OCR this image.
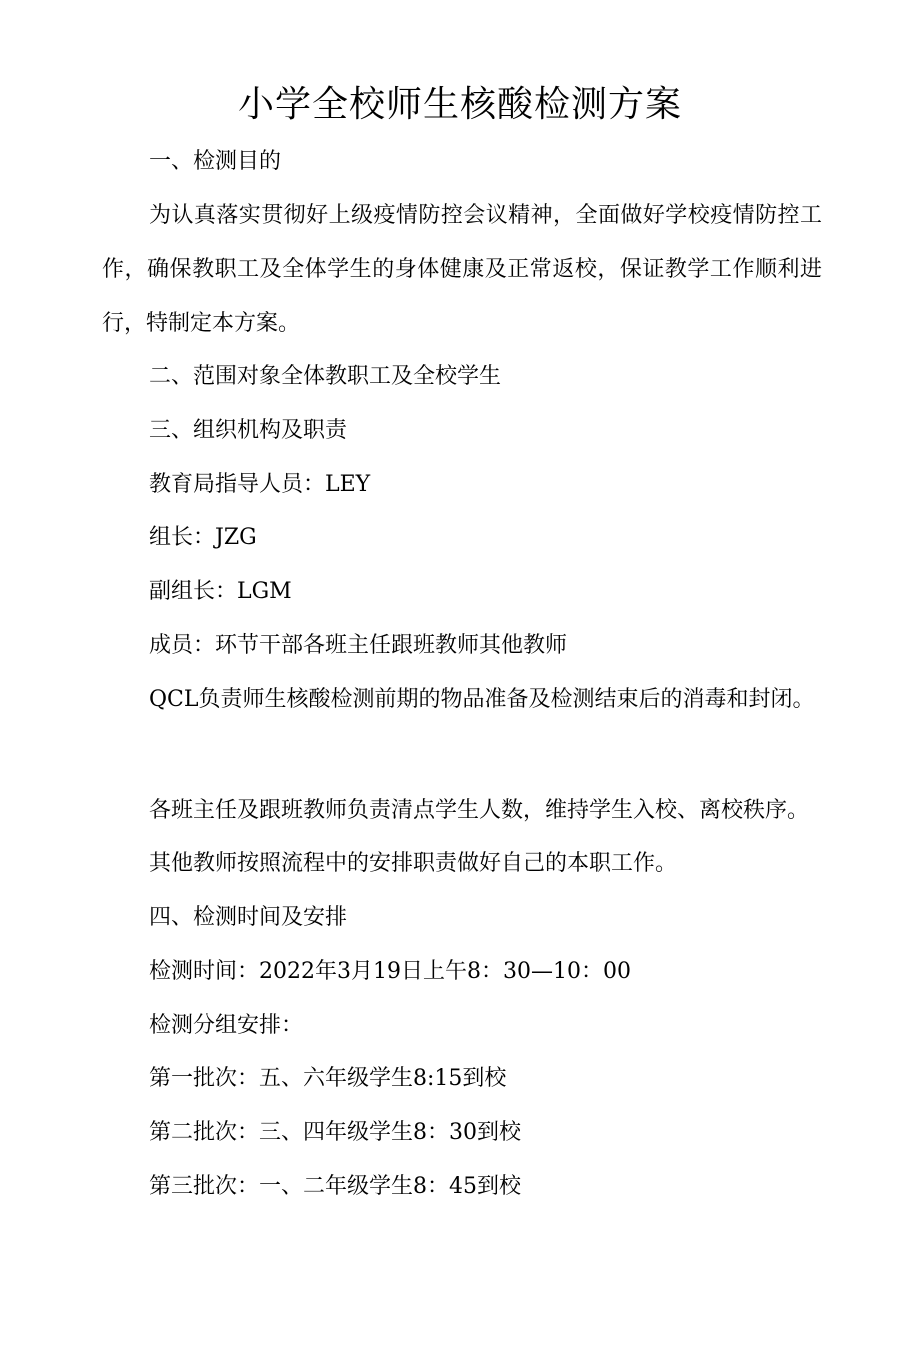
小学全校师生核酸检测方案

一、检测目的

为认真落实贯彻好上级疫情防控会议精神，全面做好学校疫情防控工作，确保教职工及全体学生的身体健康及正常返校，保证教学工作顺利进行，特制定本方案。

二、范围对象全体教职工及全校学生

三、组织机构及职责

教育局指导人员：LEY

组长：JZG

副组长：LGM

成员：环节干部各班主任跟班教师其他教师

QCL负责师生核酸检测前期的物品准备及检测结束后的消毒和封闭。

各班主任及跟班教师负责清点学生人数，维持学生入校、离校秩序。

其他教师按照流程中的安排职责做好自己的本职工作。

四、检测时间及安排

检测时间：2022年3月19日上午8：30—10：00

检测分组安排：

第一批次：五、六年级学生8:15到校

第二批次：三、四年级学生8：30到校

第三批次：一、二年级学生8：45到校
